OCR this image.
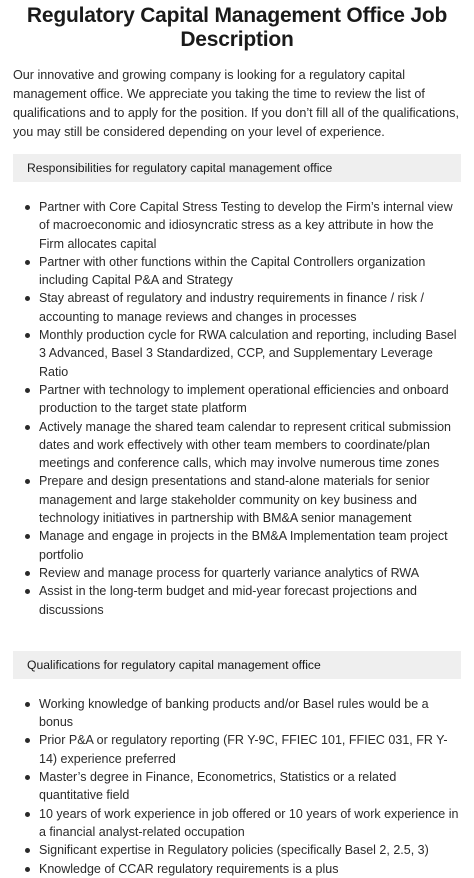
Regulatory Capital Management Office Job Description

Our innovative and growing company is looking for a regulatory capital management office. We appreciate you taking the time to review the list of qualifications and to apply for the position. If you don’t fill all of the qualifications, you may still be considered depending on your level of experience.

Responsibilities for regulatory capital management office
Partner with Core Capital Stress Testing to develop the Firm’s internal view of macroeconomic and idiosyncratic stress as a key attribute in how the Firm allocates capital
Partner with other functions within the Capital Controllers organization including Capital P&A and Strategy
Stay abreast of regulatory and industry requirements in finance / risk / accounting to manage reviews and changes in processes
Monthly production cycle for RWA calculation and reporting, including Basel 3 Advanced, Basel 3 Standardized, CCP, and Supplementary Leverage Ratio
Partner with technology to implement operational efficiencies and onboard production to the target state platform
Actively manage the shared team calendar to represent critical submission dates and work effectively with other team members to coordinate/plan meetings and conference calls, which may involve numerous time zones
Prepare and design presentations and stand-alone materials for senior management and large stakeholder community on key business and technology initiatives in partnership with BM&A senior management
Manage and engage in projects in the BM&A Implementation team project portfolio
Review and manage process for quarterly variance analytics of RWA
Assist in the long-term budget and mid-year forecast projections and discussions
Qualifications for regulatory capital management office
Working knowledge of banking products and/or Basel rules would be a bonus
Prior P&A or regulatory reporting (FR Y-9C, FFIEC 101, FFIEC 031, FR Y-14) experience preferred
Master’s degree in Finance, Econometrics, Statistics or a related quantitative field
10 years of work experience in job offered or 10 years of work experience in a financial analyst-related occupation
Significant expertise in Regulatory policies (specifically Basel 2, 2.5, 3)
Knowledge of CCAR regulatory requirements is a plus
